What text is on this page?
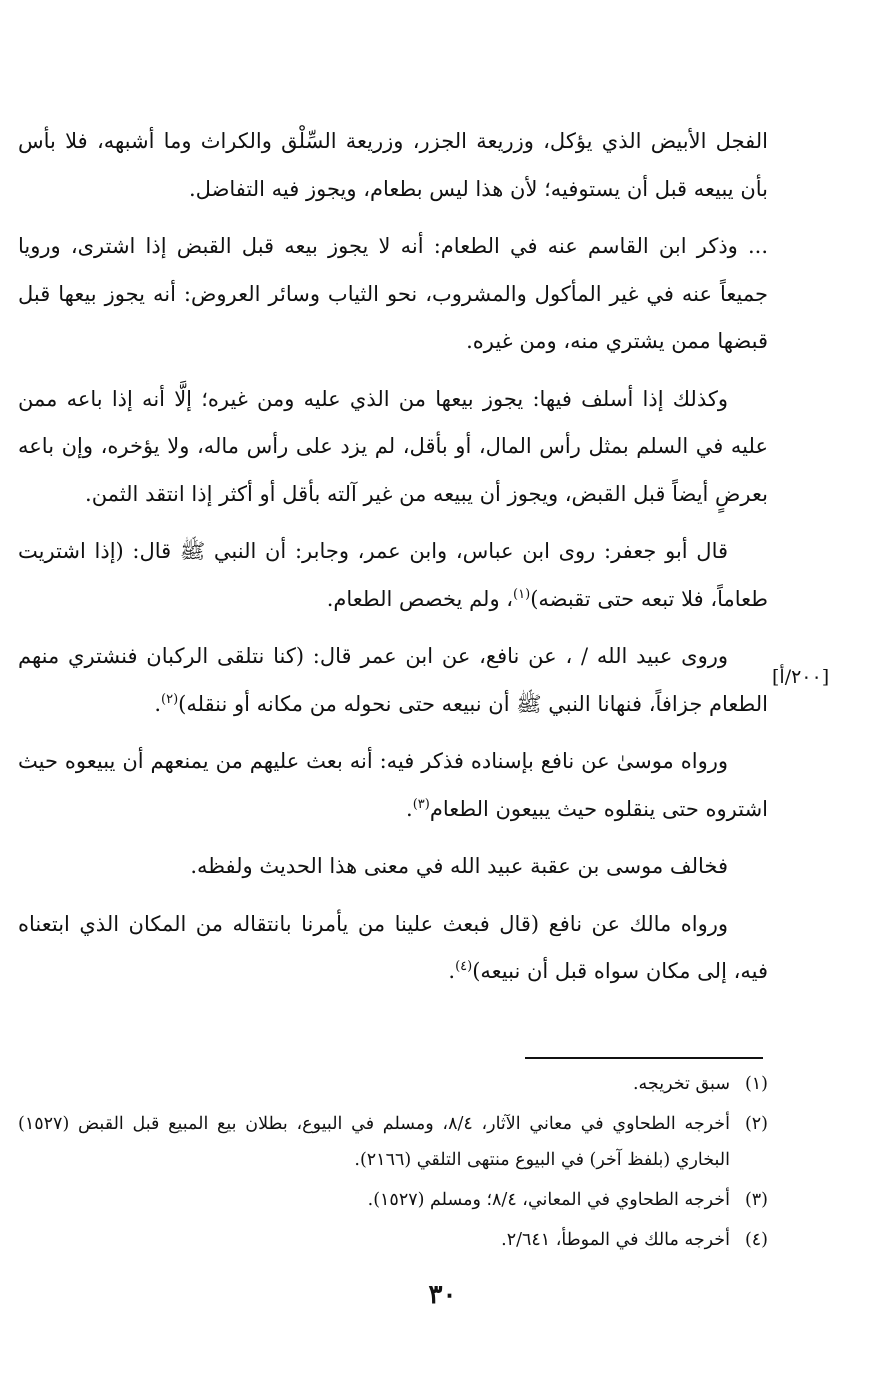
الفجل الأبيض الذي يؤكل، وزريعة الجزر، وزريعة السِّلْق والكراث وما أشبهه، فلا بأس بأن يبيعه قبل أن يستوفيه؛ لأن هذا ليس بطعام، ويجوز فيه التفاضل.

... وذكر ابن القاسم عنه في الطعام: أنه لا يجوز بيعه قبل القبض إذا اشترى، ورويا جميعاً عنه في غير المأكول والمشروب، نحو الثياب وسائر العروض: أنه يجوز بيعها قبل قبضها ممن يشتري منه، ومن غيره.

وكذلك إذا أسلف فيها: يجوز بيعها من الذي عليه ومن غيره؛ إلَّا أنه إذا باعه ممن عليه في السلم بمثل رأس المال، أو بأقل، لم يزد على رأس ماله، ولا يؤخره، وإن باعه بعرضٍ أيضاً قبل القبض، ويجوز أن يبيعه من غير آلته بأقل أو أكثر إذا انتقد الثمن.

قال أبو جعفر: روى ابن عباس، وابن عمر، وجابر: أن النبي ﷺ قال: (إذا اشتريت طعاماً، فلا تبعه حتى تقبضه)$^{(١)}$، ولم يخصص الطعام.

وروى عبيد الله / ، عن نافع، عن ابن عمر قال: (كنا نتلقى الركبان فنشتري منهم الطعام جزافاً، فنهانا النبي ﷺ أن نبيعه حتى نحوله من مكانه أو ننقله)$^{(٢)}$.

ورواه موسىٰ عن نافع بإسناده فذكر فيه: أنه بعث عليهم من يمنعهم أن يبيعوه حيث اشتروه حتى ينقلوه حيث يبيعون الطعام$^{(٣)}$.

فخالف موسى بن عقبة عبيد الله في معنى هذا الحديث ولفظه.

ورواه مالك عن نافع (قال فبعث علينا من يأمرنا بانتقاله من المكان الذي ابتعناه فيه، إلى مكان سواه قبل أن نبيعه)$^{(٤)}$.

[٢٠٠/أ]
(١)
سبق تخريجه.
(٢)
أخرجه الطحاوي في معاني الآثار، ٨/٤، ومسلم في البيوع، بطلان بيع المبيع قبل القبض (١٥٢٧) البخاري (بلفظ آخر) في البيوع منتهى التلقي (٢١٦٦).
(٣)
أخرجه الطحاوي في المعاني، ٨/٤؛ ومسلم (١٥٢٧).
(٤)
أخرجه مالك في الموطأ، ٢/٦٤١.
٣٠
